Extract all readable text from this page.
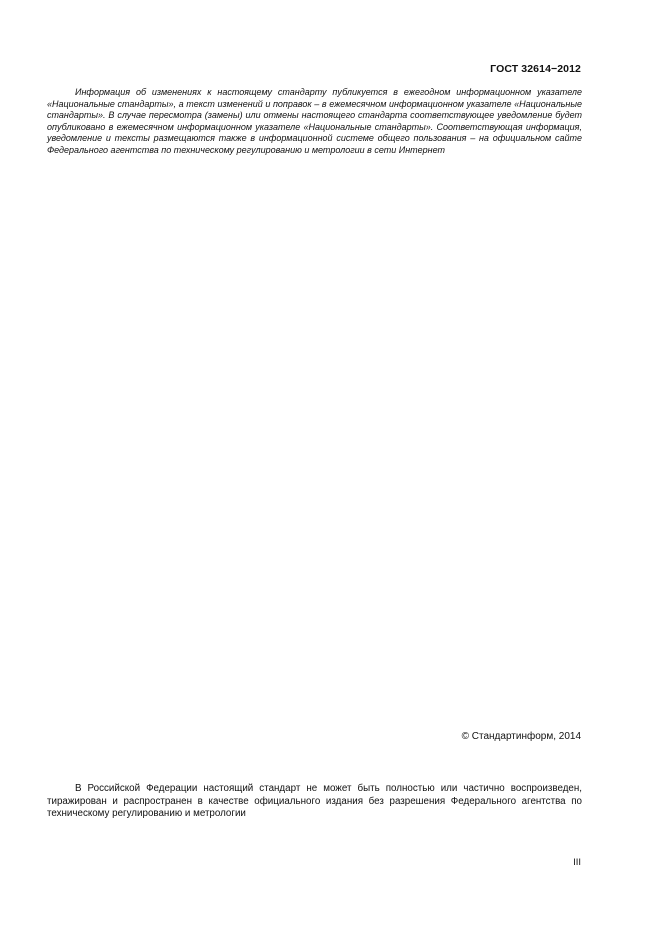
ГОСТ 32614−2012

Информация об изменениях к настоящему стандарту публикуется в ежегодном информационном указателе «Национальные стандарты», а текст изменений и поправок – в ежемесячном информационном указателе «Национальные стандарты». В случае пересмотра (замены) или отмены настоящего стандарта соответствующее уведомление будет опубликовано в ежемесячном информационном указателе «Национальные стандарты». Соответствующая информация, уведомление и тексты размещаются также в информационной системе общего пользования – на официальном сайте Федерального агентства по техническому регулированию и метрологии в сети Интернет

© Стандартинформ, 2014

В Российской Федерации настоящий стандарт не может быть полностью или частично воспроизведен, тиражирован и распространен в качестве официального издания без разрешения Федерального агентства по техническому регулированию и метрологии

III
